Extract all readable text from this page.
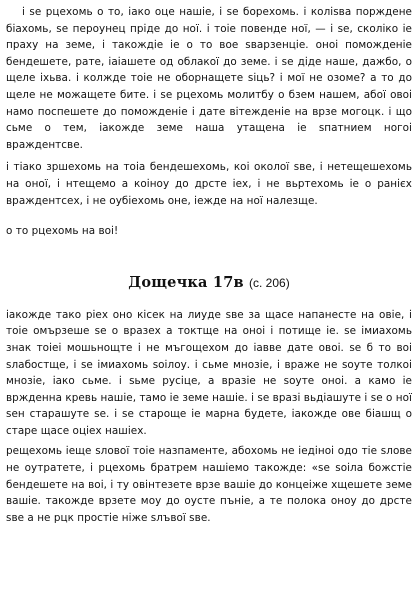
і ѕе рцехомь о то, іако оце нашіе, і ѕе борехомь. і коліѕва порждене біахомь, ѕе пероунец пріде до ної. і тоіе повенде ної, — і ѕе, сколіко іе праху на земе, і такождіе іе о то вое ѕварзенціе. оноі поможденіе бендешете, рате, іаіашете од облакої до земе. і ѕе діде наше, дажбо, о щеле іхьва. і колжде тоіе не оборнащете ѕіць? і мої не озоме? а то до щеле не можащете бите. і ѕе рцехомь молитбу о бзем нашем, абої овоі намо поспешете до поможденіе і дате вітежденіе на врзе могоцк. і що сьме о тем, іакожде земе наша утащена іе ѕпатнием ногоі враждентсве.

і тіако зршехомь на тоіа бендешехомь, коі околої ѕве, і нетещешехомь на оної, і нтещемо а коіноу до дрсте іех, і не вьртехомь іе о ранієх враждентсех, і не оубіехомь оне, іежде на ної налезще.

о то рцехомь на воі!

Дощечка 17в (с. 206)

іакожде тако ріех оно кісек на лиуде ѕве за щасе напанесте на овіе, і тоіе омързеше ѕе о вразех а токтще на оноі і потище іе. ѕе імиахомь знак тоіеі мошьнощте і не мъгощехом до іавве дате овоі. ѕе б то воі ѕлабостще, і ѕе імиахомь ѕоілоу. і сьме мнозіе, і враже не ѕоуте толкоі мнозіе, іако сьме. і ѕьме русіце, а вразіе не ѕоуте оноі. а камо іе вржденна кревь нашіе, тамо іе земе нашіе. і ѕе вразі вьдіашуте і ѕе о ної ѕен старашуте ѕе. і ѕе староще іе марна будете, іакожде ове біашщ о старе щасе оціех нашіех.

рещехомь іеще ѕлової тоіе назпаменте, абохомь не іедіноі одо тіе ѕлове не оутратете, і рцехомь братрем нашіемо такожде: «ѕе ѕоіла божстіе бендешете на воі, і ту овінтезете врзе вашіе до концеіже хщешете земе вашіе. такожде врзете моу до оусте пъніе, а те полока оноу до дрсте ѕве а не рцк простіе ніже ѕлъвої ѕве.
